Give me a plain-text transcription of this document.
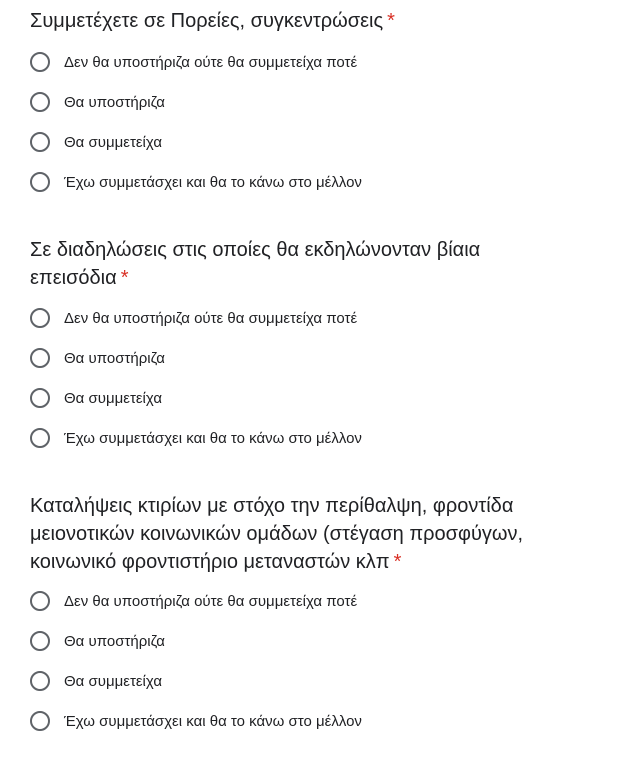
Συμμετέχετε σε Πορείες, συγκεντρώσεις *
Δεν θα υποστήριζα ούτε θα συμμετείχα ποτέ
Θα υποστήριζα
Θα συμμετείχα
Έχω συμμετάσχει και θα το κάνω στο μέλλον
Σε διαδηλώσεις στις οποίες θα εκδηλώνονταν βίαια επεισόδια *
Δεν θα υποστήριζα ούτε θα συμμετείχα ποτέ
Θα υποστήριζα
Θα συμμετείχα
Έχω συμμετάσχει και θα το κάνω στο μέλλον
Καταλήψεις κτιρίων με στόχο την περίθαλψη, φροντίδα μειονοτικών κοινωνικών ομάδων (στέγαση προσφύγων, κοινωνικό φροντιστήριο μεταναστών κλπ *
Δεν θα υποστήριζα ούτε θα συμμετείχα ποτέ
Θα υποστήριζα
Θα συμμετείχα
Έχω συμμετάσχει και θα το κάνω στο μέλλον
